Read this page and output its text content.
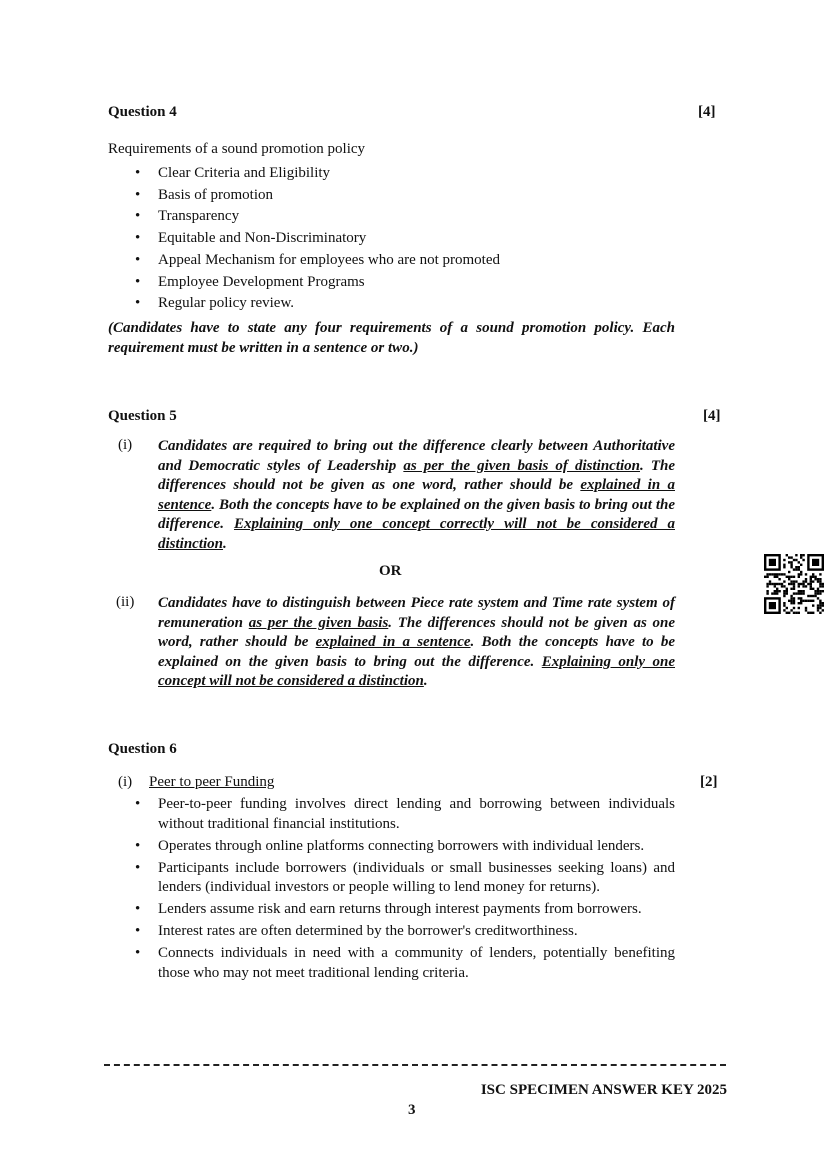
Question 4	[4]
Requirements of a sound promotion policy
• Clear Criteria and Eligibility
• Basis of promotion
• Transparency
• Equitable and Non-Discriminatory
• Appeal Mechanism for employees who are not promoted
• Employee Development Programs
• Regular policy review.
(Candidates have to state any four requirements of a sound promotion policy. Each requirement must be written in a sentence or two.)
Question 5	[4]
(i) Candidates are required to bring out the difference clearly between Authoritative and Democratic styles of Leadership as per the given basis of distinction. The differences should not be given as one word, rather should be explained in a sentence. Both the concepts have to be explained on the given basis to bring out the difference. Explaining only one concept correctly will not be considered a distinction.
OR
(ii) Candidates have to distinguish between Piece rate system and Time rate system of remuneration as per the given basis. The differences should not be given as one word, rather should be explained in a sentence. Both the concepts have to be explained on the given basis to bring out the difference. Explaining only one concept will not be considered a distinction.
Question 6
(i) Peer to peer Funding	[2]
• Peer-to-peer funding involves direct lending and borrowing between individuals without traditional financial institutions.
• Operates through online platforms connecting borrowers with individual lenders.
• Participants include borrowers (individuals or small businesses seeking loans) and lenders (individual investors or people willing to lend money for returns).
• Lenders assume risk and earn returns through interest payments from borrowers.
• Interest rates are often determined by the borrower's creditworthiness.
• Connects individuals in need with a community of lenders, potentially benefiting those who may not meet traditional lending criteria.
ISC SPECIMEN ANSWER KEY 2025
3
